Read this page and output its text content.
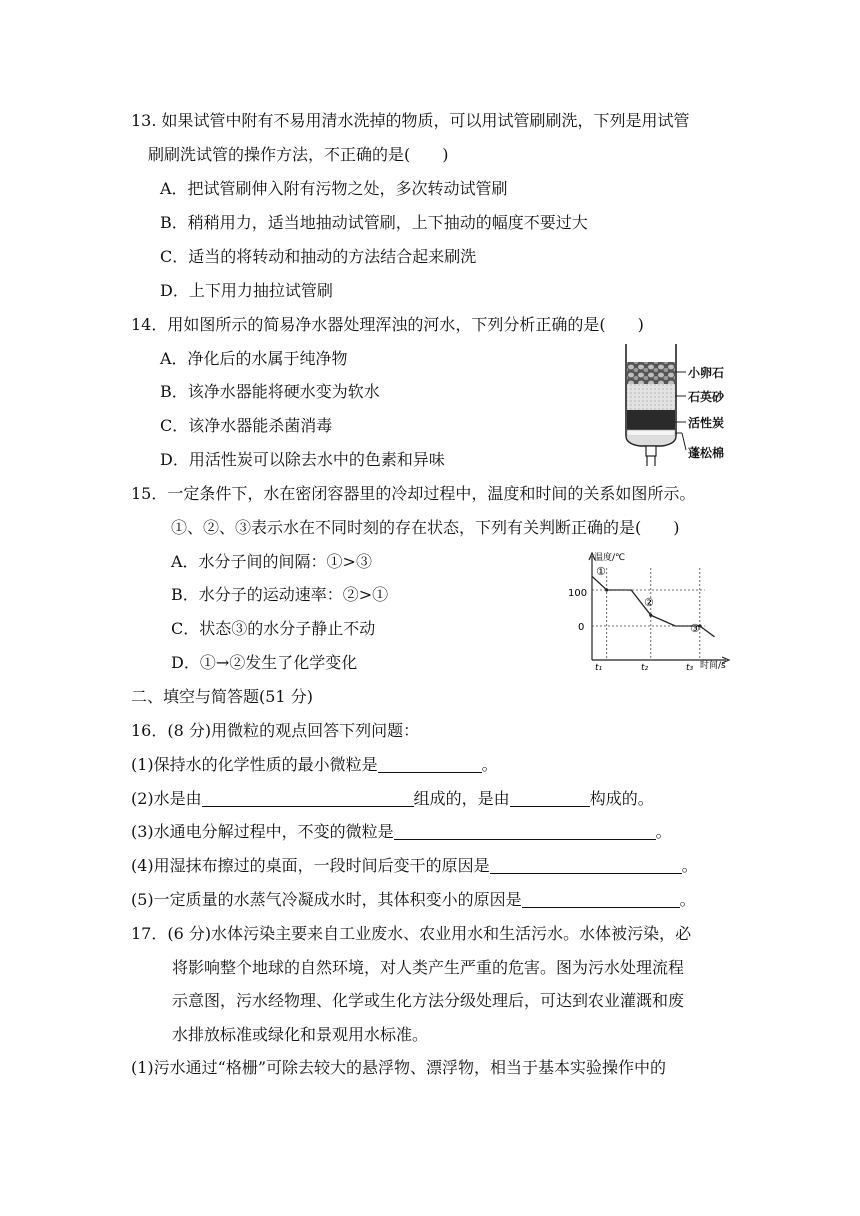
13. 如果试管中附有不易用清水洗掉的物质，可以用试管刷刷洗，下列是用试管
刷刷洗试管的操作方法，不正确的是(　　)
A．把试管刷伸入附有污物之处，多次转动试管刷
B．稍稍用力，适当地抽动试管刷，上下抽动的幅度不要过大
C．适当的将转动和抽动的方法结合起来刷洗
D．上下用力抽拉试管刷
14．用如图所示的简易净水器处理浑浊的河水，下列分析正确的是(　　)
A．净化后的水属于纯净物
B．该净水器能将硬水变为软水
C．该净水器能杀菌消毒
D．用活性炭可以除去水中的色素和异味
小卵石
石英砂
活性炭
蓬松棉
15．一定条件下，水在密闭容器里的冷却过程中，温度和时间的关系如图所示。
①、②、③表示水在不同时刻的存在状态，下列有关判断正确的是(　　)
A．水分子间的间隔：①>③
B．水分子的运动速率：②>①
C．状态③的水分子静止不动
D．①→②发生了化学变化
温度/℃
时间/s
100
0
t₁	t₂	t₃
①
②
③
二、填空与简答题(51 分)
16．(8 分)用微粒的观点回答下列问题：
(1)保持水的化学性质的最小微粒是	。
(2)水是由	组成的，是由	构成的。
(3)水通电分解过程中，不变的微粒是	。
(4)用湿抹布擦过的桌面，一段时间后变干的原因是	。
(5)一定质量的水蒸气冷凝成水时，其体积变小的原因是	。
17．(6 分)水体污染主要来自工业废水、农业用水和生活污水。水体被污染，必
将影响整个地球的自然环境，对人类产生严重的危害。图为污水处理流程
示意图，污水经物理、化学或生化方法分级处理后，可达到农业灌溉和废
水排放标准或绿化和景观用水标准。
(1)污水通过“格栅”可除去较大的悬浮物、漂浮物，相当于基本实验操作中的
